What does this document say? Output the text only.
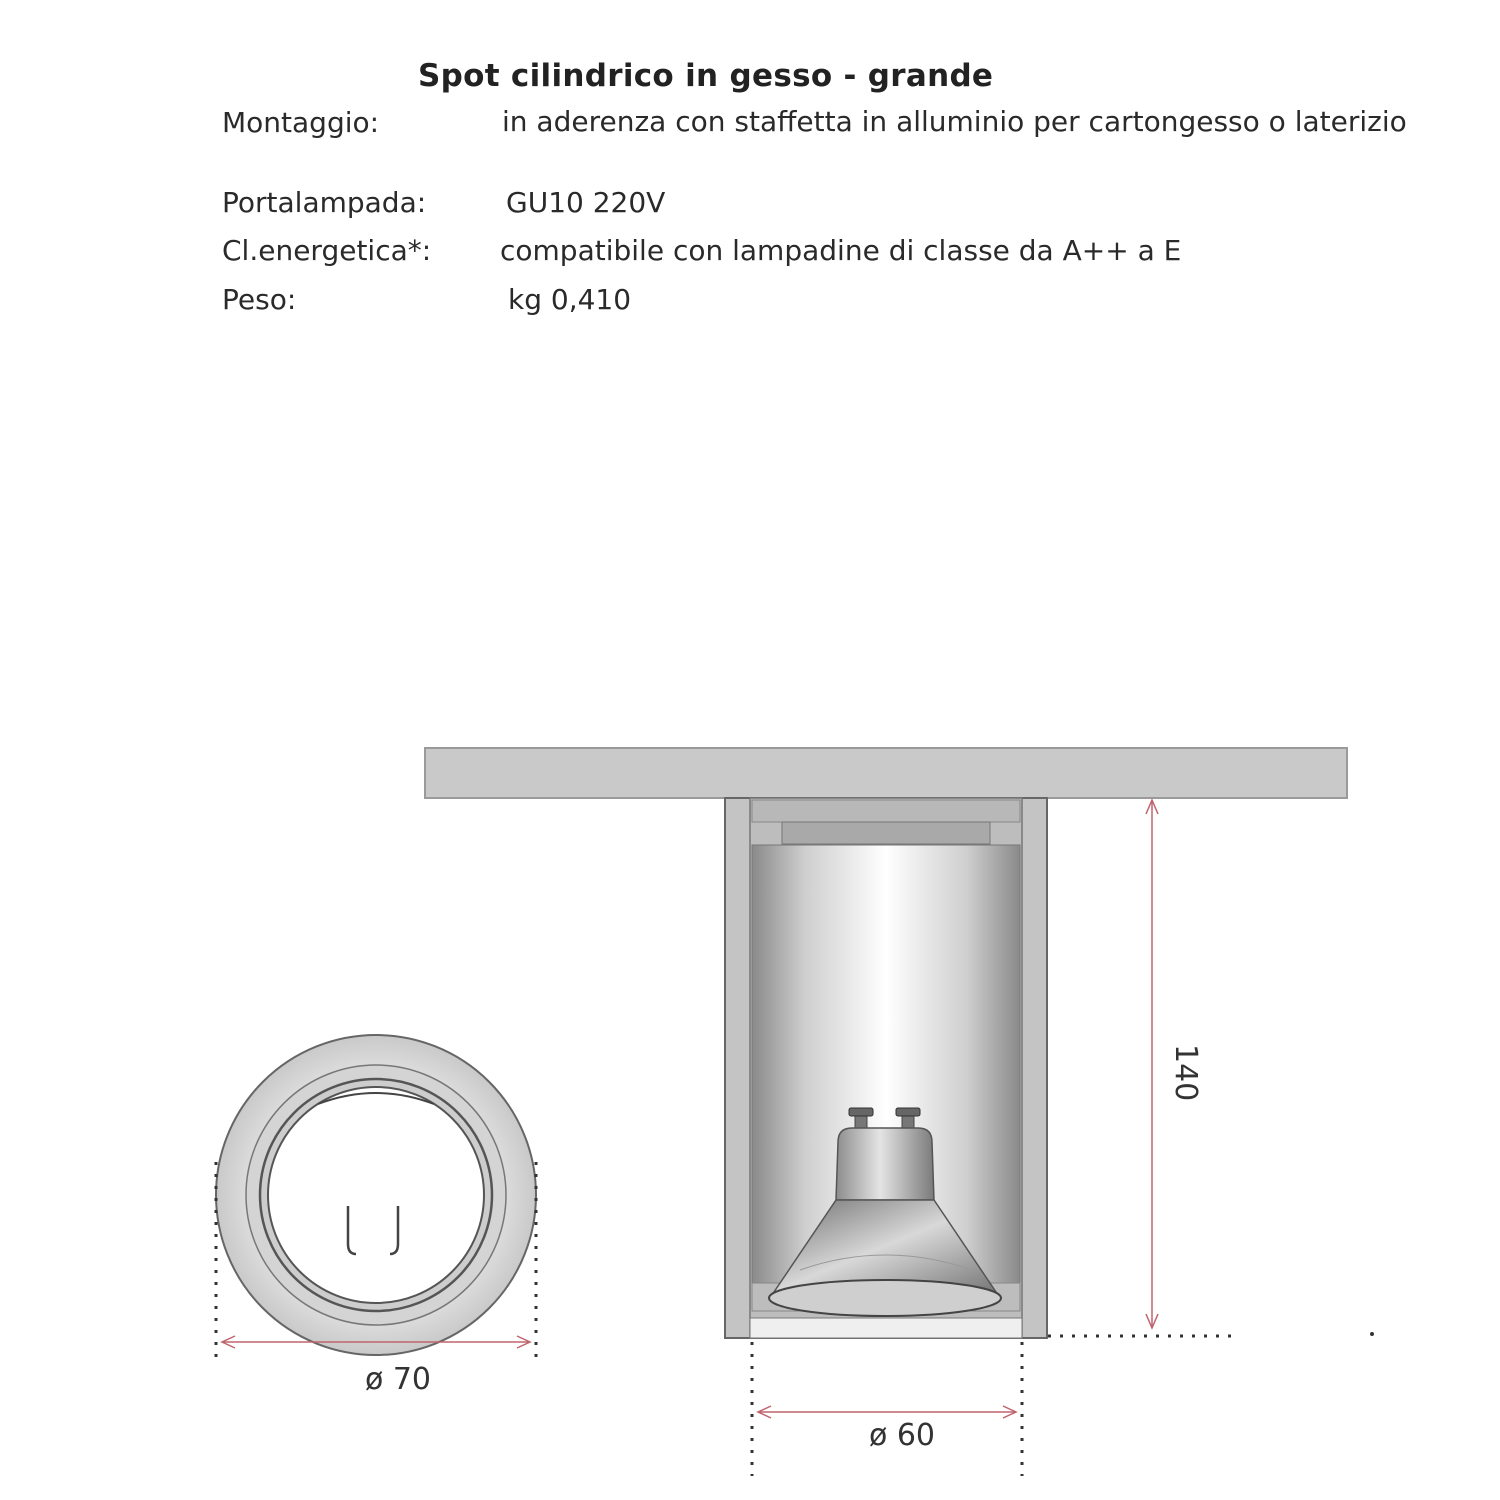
Spot cilindrico in gesso - grande
Montaggio:	in aderenza con staffetta in alluminio per cartongesso o laterizio
Portalampada:	GU10 220V
Cl.energetica*: compatibile con lampadine di classe da A++ a E
Peso:	kg 0,410
140
ø 60
ø 70
